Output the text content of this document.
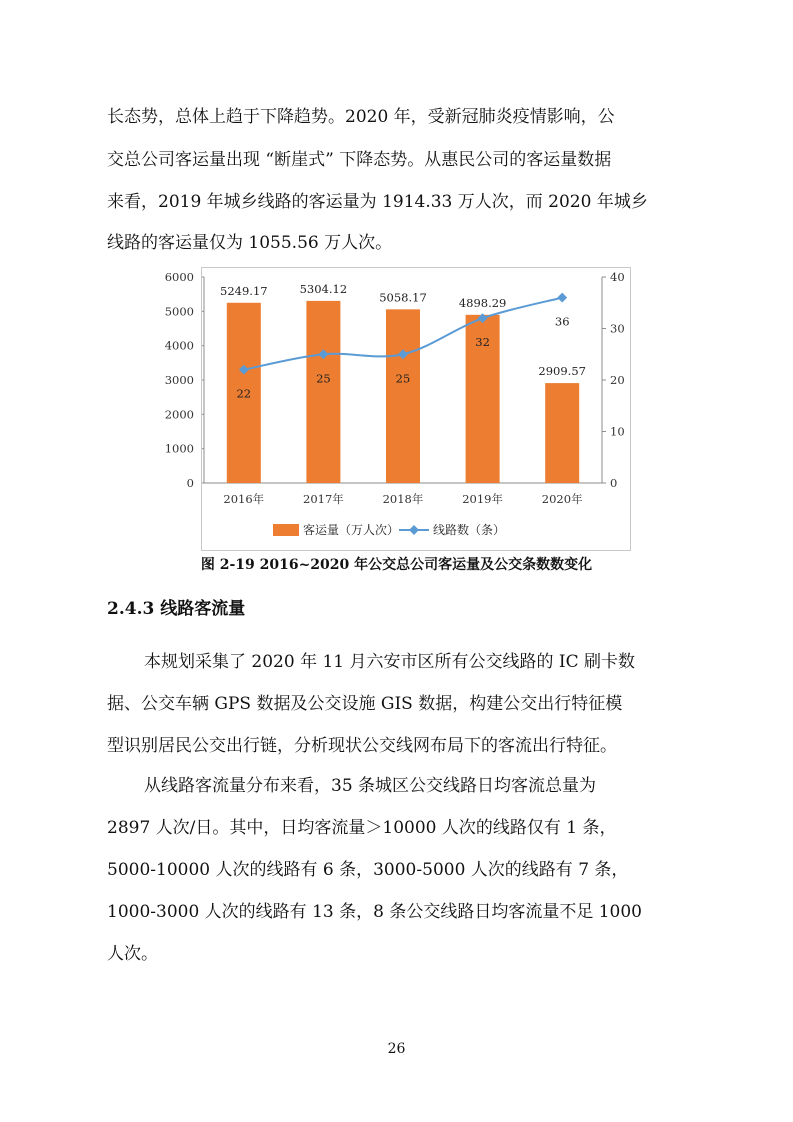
长态势，总体上趋于下降趋势。2020 年，受新冠肺炎疫情影响，公
交总公司客运量出现 “断崖式” 下降态势。从惠民公司的客运量数据
来看，2019 年城乡线路的客运量为 1914.33 万人次，而 2020 年城乡
线路的客运量仅为 1055.56 万人次。
0
10
20
30
40
5249.17	5304.12
5058.17	4898.29
2909.57
2016年	2017年	2018年	2019年	2020年
22
25	25
32
36
客运量（万人次）	线路数（条）
图 2-19 2016~2020 年公交总公司客运量及公交条数数变化
2.4.3 线路客流量
本规划采集了 2020 年 11 月六安市区所有公交线路的 IC 刷卡数
据、公交车辆 GPS 数据及公交设施 GIS 数据，构建公交出行特征模
型识别居民公交出行链，分析现状公交线网布局下的客流出行特征。
从线路客流量分布来看，35 条城区公交线路日均客流总量为
2897 人次/日。其中，日均客流量＞10000 人次的线路仅有 1 条，
5000-10000 人次的线路有 6 条，3000-5000 人次的线路有 7 条，
1000-3000 人次的线路有 13 条，8 条公交线路日均客流量不足 1000
人次。
26
0
1000
2000
3000
4000
5000
6000
